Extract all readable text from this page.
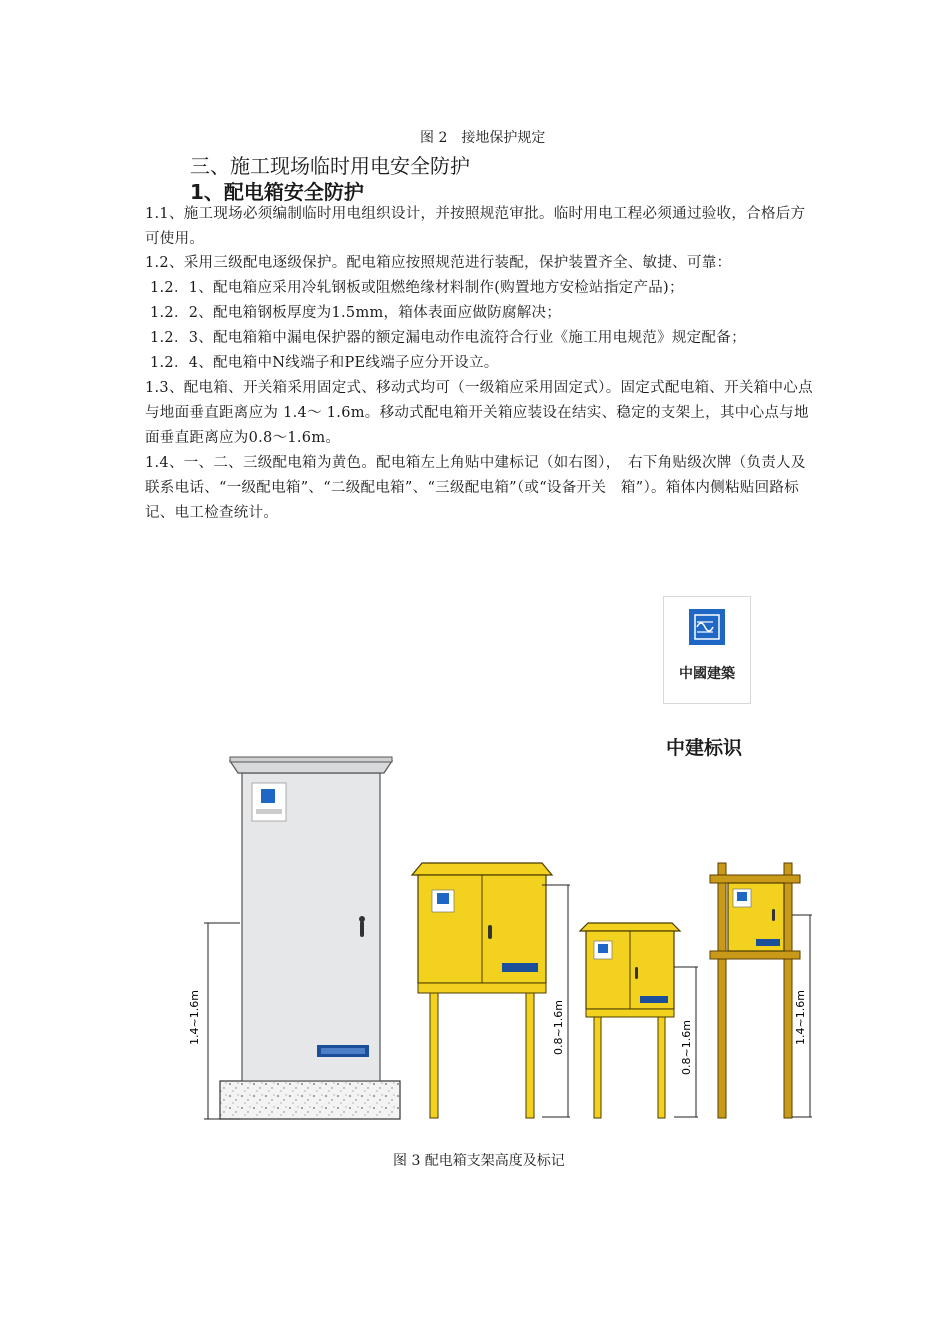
图 2　接地保护规定
三、施工现场临时用电安全防护
1、配电箱安全防护
1.1、施工现场必须编制临时用电组织设计，并按照规范审批。临时用电工程必须通过验收，合格后方可使用。
1.2、采用三级配电逐级保护。配电箱应按照规范进行装配，保护装置齐全、敏捷、可靠：
1.2．1、配电箱应采用冷轧钢板或阻燃绝缘材料制作(购置地方安检站指定产品)；
1.2．2、配电箱钢板厚度为1.5mm，箱体表面应做防腐解决；
1.2．3、配电箱箱中漏电保护器的额定漏电动作电流符合行业《施工用电规范》规定配备；
1.2．4、配电箱中N线端子和PE线端子应分开设立。
1.3、配电箱、开关箱采用固定式、移动式均可（一级箱应采用固定式）。固定式配电箱、开关箱中心点与地面垂直距离应为 1.4～ 1.6m。移动式配电箱开关箱应装设在结实、稳定的支架上，其中心点与地面垂直距离应为0.8～1.6m。
1.4、一、二、三级配电箱为黄色。配电箱左上角贴中建标记（如右图），　右下角贴级次牌（负责人及联系电话、“一级配电箱”、“二级配电箱”、“三级配电箱”（或“设备开关　箱”）。箱体内侧粘贴回路标记、电工检查统计。
中國建築
中建标识
1.4~1.6m	0.8~1.6m	0.8~1.6m
1.4~1.6m
图 3 配电箱支架高度及标记
